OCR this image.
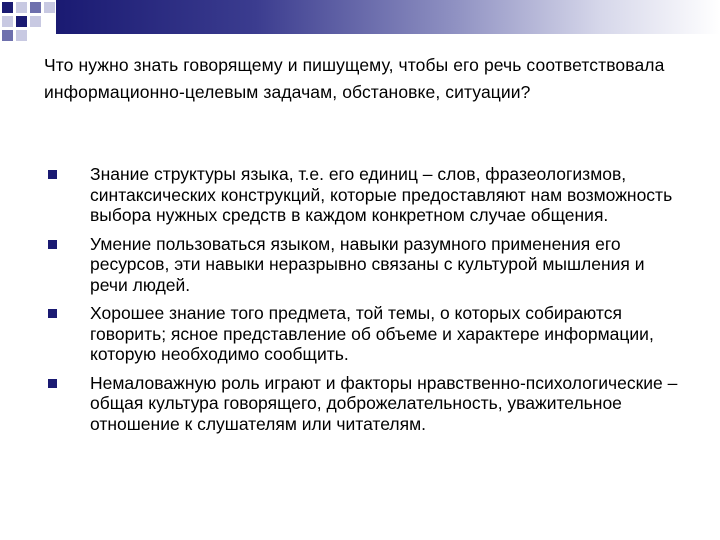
Что нужно знать говорящему и пишущему, чтобы его речь соответствовала информационно-целевым задачам, обстановке, ситуации?
Знание структуры языка, т.е. его единиц – слов, фразеологизмов, синтаксических конструкций, которые предоставляют нам возможность выбора нужных средств в каждом конкретном случае общения.
Умение пользоваться языком, навыки разумного применения его ресурсов, эти навыки неразрывно связаны с культурой мышления и речи людей.
Хорошее знание того предмета, той темы, о которых собираются говорить; ясное представление об объеме и характере информации, которую необходимо сообщить.
Немаловажную роль играют и факторы нравственно-психологические – общая культура говорящего, доброжелательность, уважительное отношение к слушателям или читателям.
